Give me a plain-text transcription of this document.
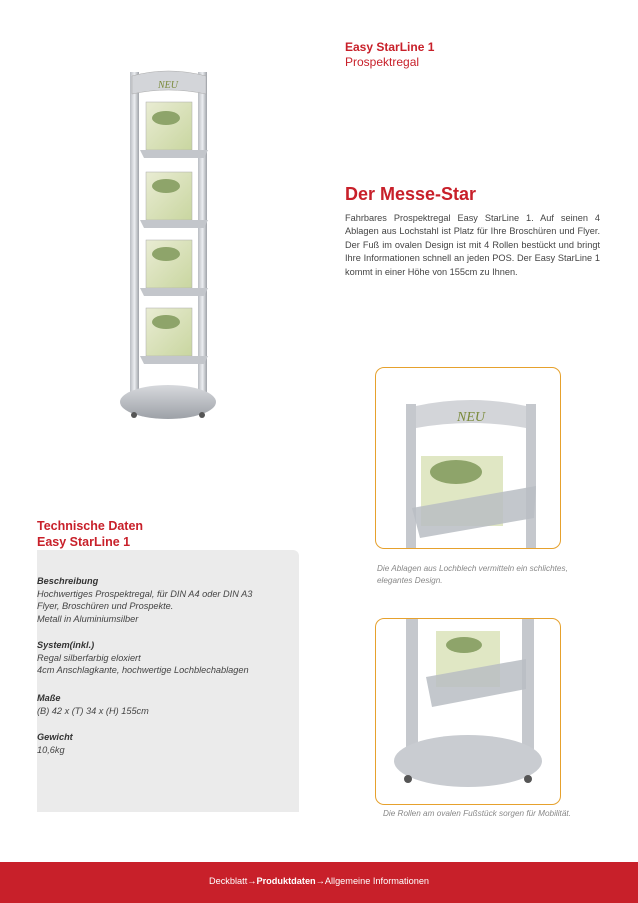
Easy StarLine 1
Prospektregal
NEU
Der Messe-Star
Fahrbares Prospektregal Easy StarLine 1. Auf seinen 4 Ablagen aus Lochstahl ist Platz für Ihre Broschüren und Flyer. Der Fuß im ovalen Design ist mit 4 Rollen bestückt und bringt Ihre Informationen schnell an jeden POS. Der Easy StarLine 1 kommt in einer Höhe von 155cm zu Ihnen.
NEU
Die Ablagen aus Lochblech vermitteln ein schlichtes, elegantes Design.
Die Rollen am ovalen Fußstück sorgen für Mobilität.
Technische Daten
Easy StarLine 1
Beschreibung
Hochwertiges Prospektregal, für DIN A4 oder DIN A3
Flyer, Broschüren und Prospekte.
Metall in Aluminiumsilber
System(inkl.)
Regal silberfarbig eloxiert
4cm Anschlagkante, hochwertige Lochblechablagen
Maße
(B) 42 x (T) 34 x (H) 155cm
Gewicht
10,6kg
Deckblatt→Produktdaten→Allgemeine Informationen
